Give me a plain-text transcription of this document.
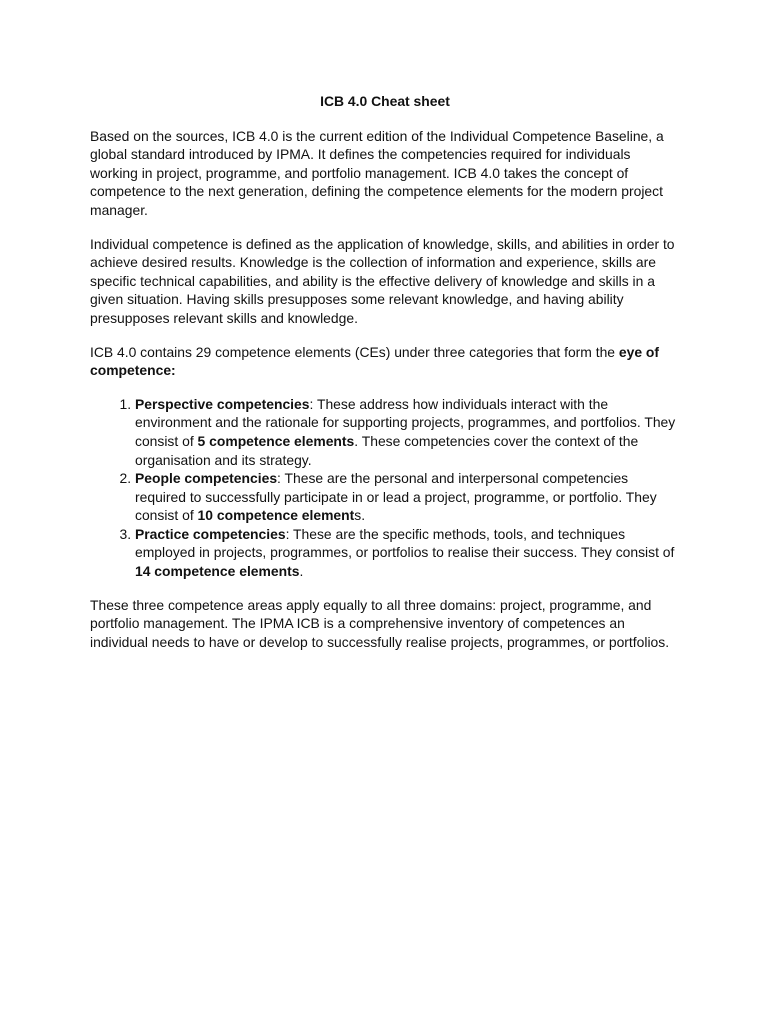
ICB 4.0 Cheat sheet

Based on the sources, ICB 4.0 is the current edition of the Individual Competence Baseline, a global standard introduced by IPMA. It defines the competencies required for individuals working in project, programme, and portfolio management. ICB 4.0 takes the concept of competence to the next generation, defining the competence elements for the modern project manager.

Individual competence is defined as the application of knowledge, skills, and abilities in order to achieve desired results. Knowledge is the collection of information and experience, skills are specific technical capabilities, and ability is the effective delivery of knowledge and skills in a given situation. Having skills presupposes some relevant knowledge, and having ability presupposes relevant skills and knowledge.

ICB 4.0 contains 29 competence elements (CEs) under three categories that form the eye of competence:

1. Perspective competencies: These address how individuals interact with the environment and the rationale for supporting projects, programmes, and portfolios. They consist of 5 competence elements. These competencies cover the context of the organisation and its strategy.
2. People competencies: These are the personal and interpersonal competencies required to successfully participate in or lead a project, programme, or portfolio. They consist of 10 competence elements.
3. Practice competencies: These are the specific methods, tools, and techniques employed in projects, programmes, or portfolios to realise their success. They consist of 14 competence elements.

These three competence areas apply equally to all three domains: project, programme, and portfolio management. The IPMA ICB is a comprehensive inventory of competences an individual needs to have or develop to successfully realise projects, programmes, or portfolios.
